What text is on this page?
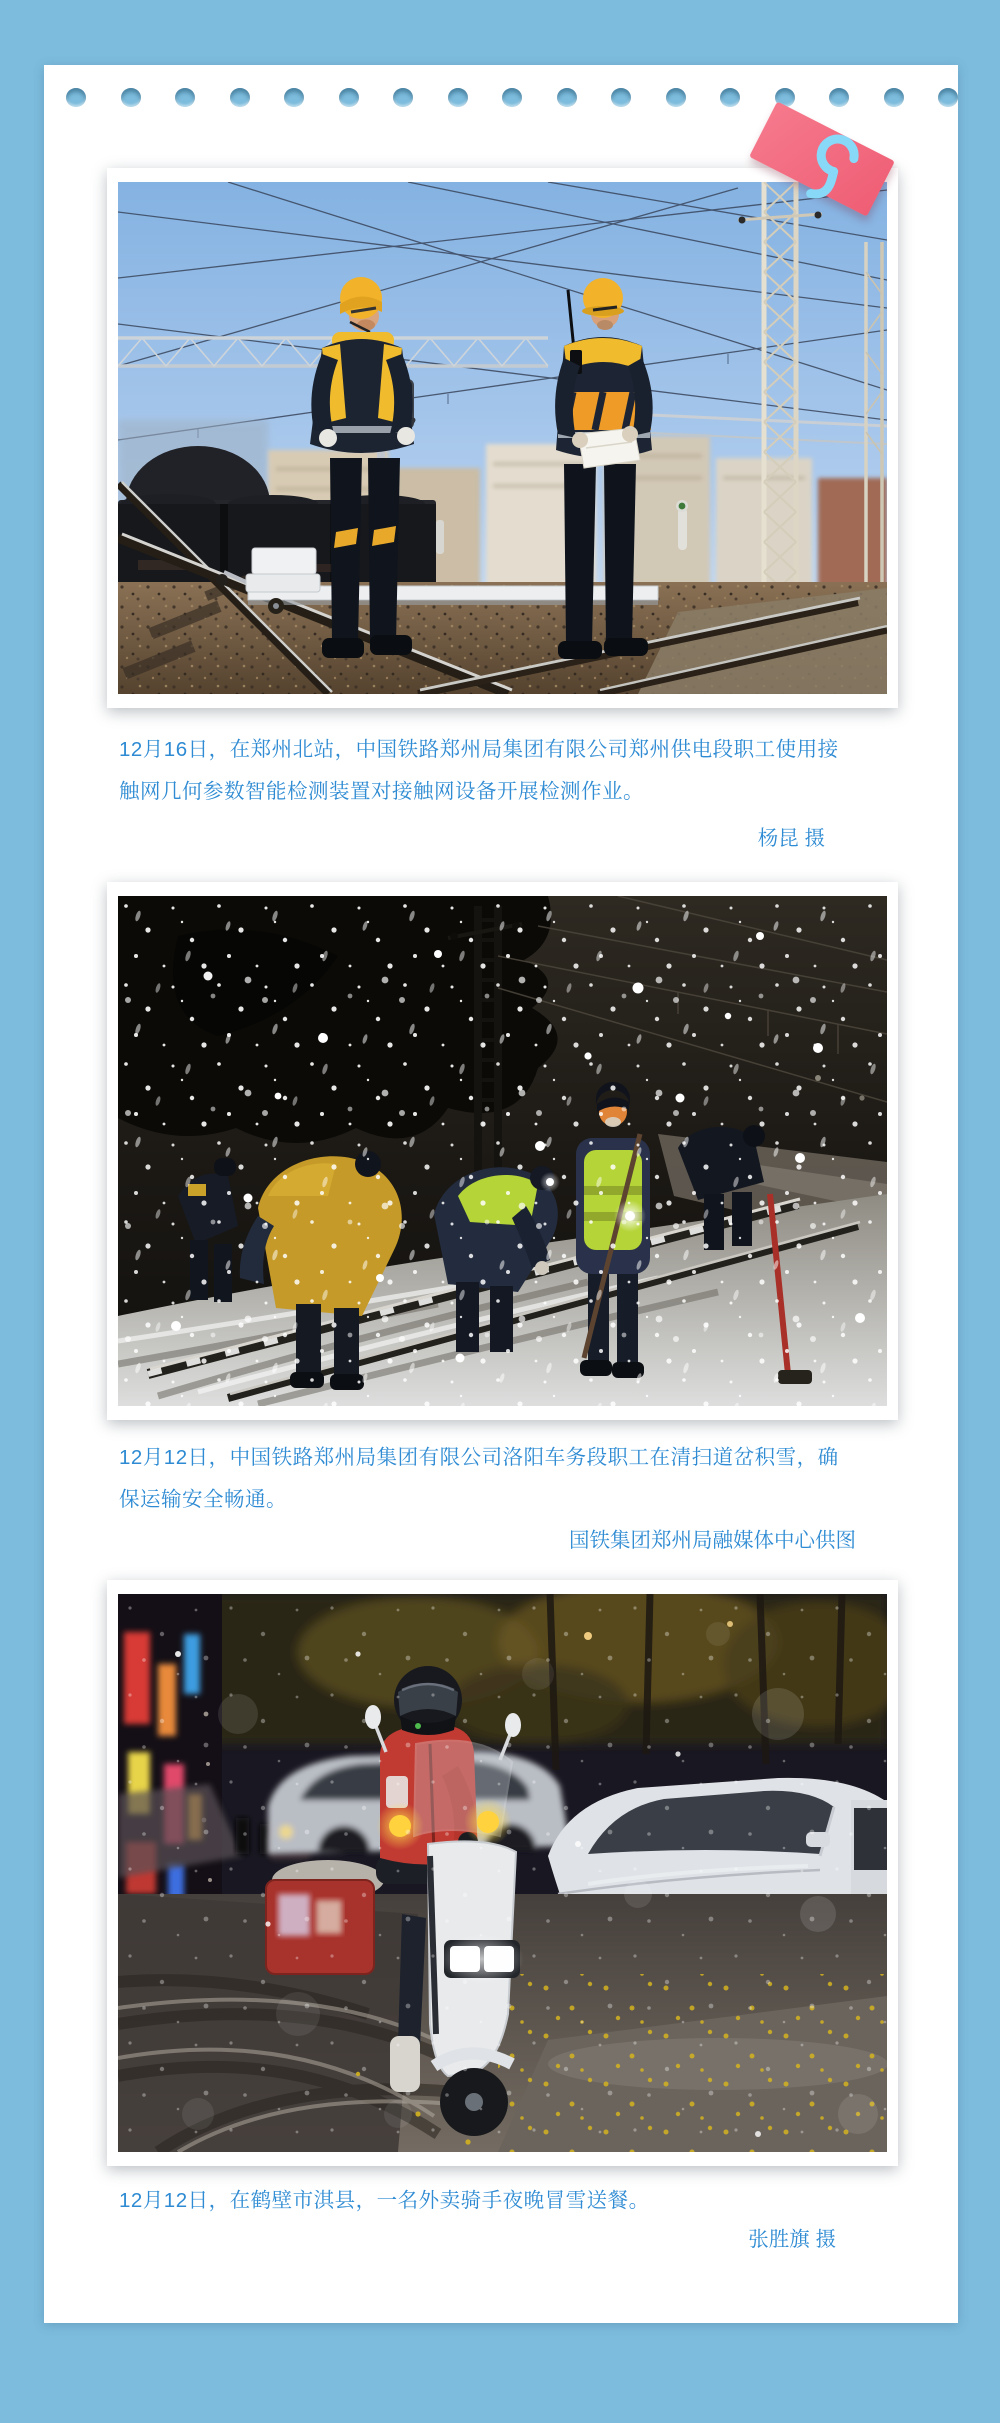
12月16日，在郑州北站，中国铁路郑州局集团有限公司郑州供电段职工使用接
触网几何参数智能检测装置对接触网设备开展检测作业。
杨昆 摄
12月12日，中国铁路郑州局集团有限公司洛阳车务段职工在清扫道岔积雪，确
保运输安全畅通。
国铁集团郑州局融媒体中心供图
12月12日，在鹤壁市淇县，一名外卖骑手夜晚冒雪送餐。
张胜旗 摄
